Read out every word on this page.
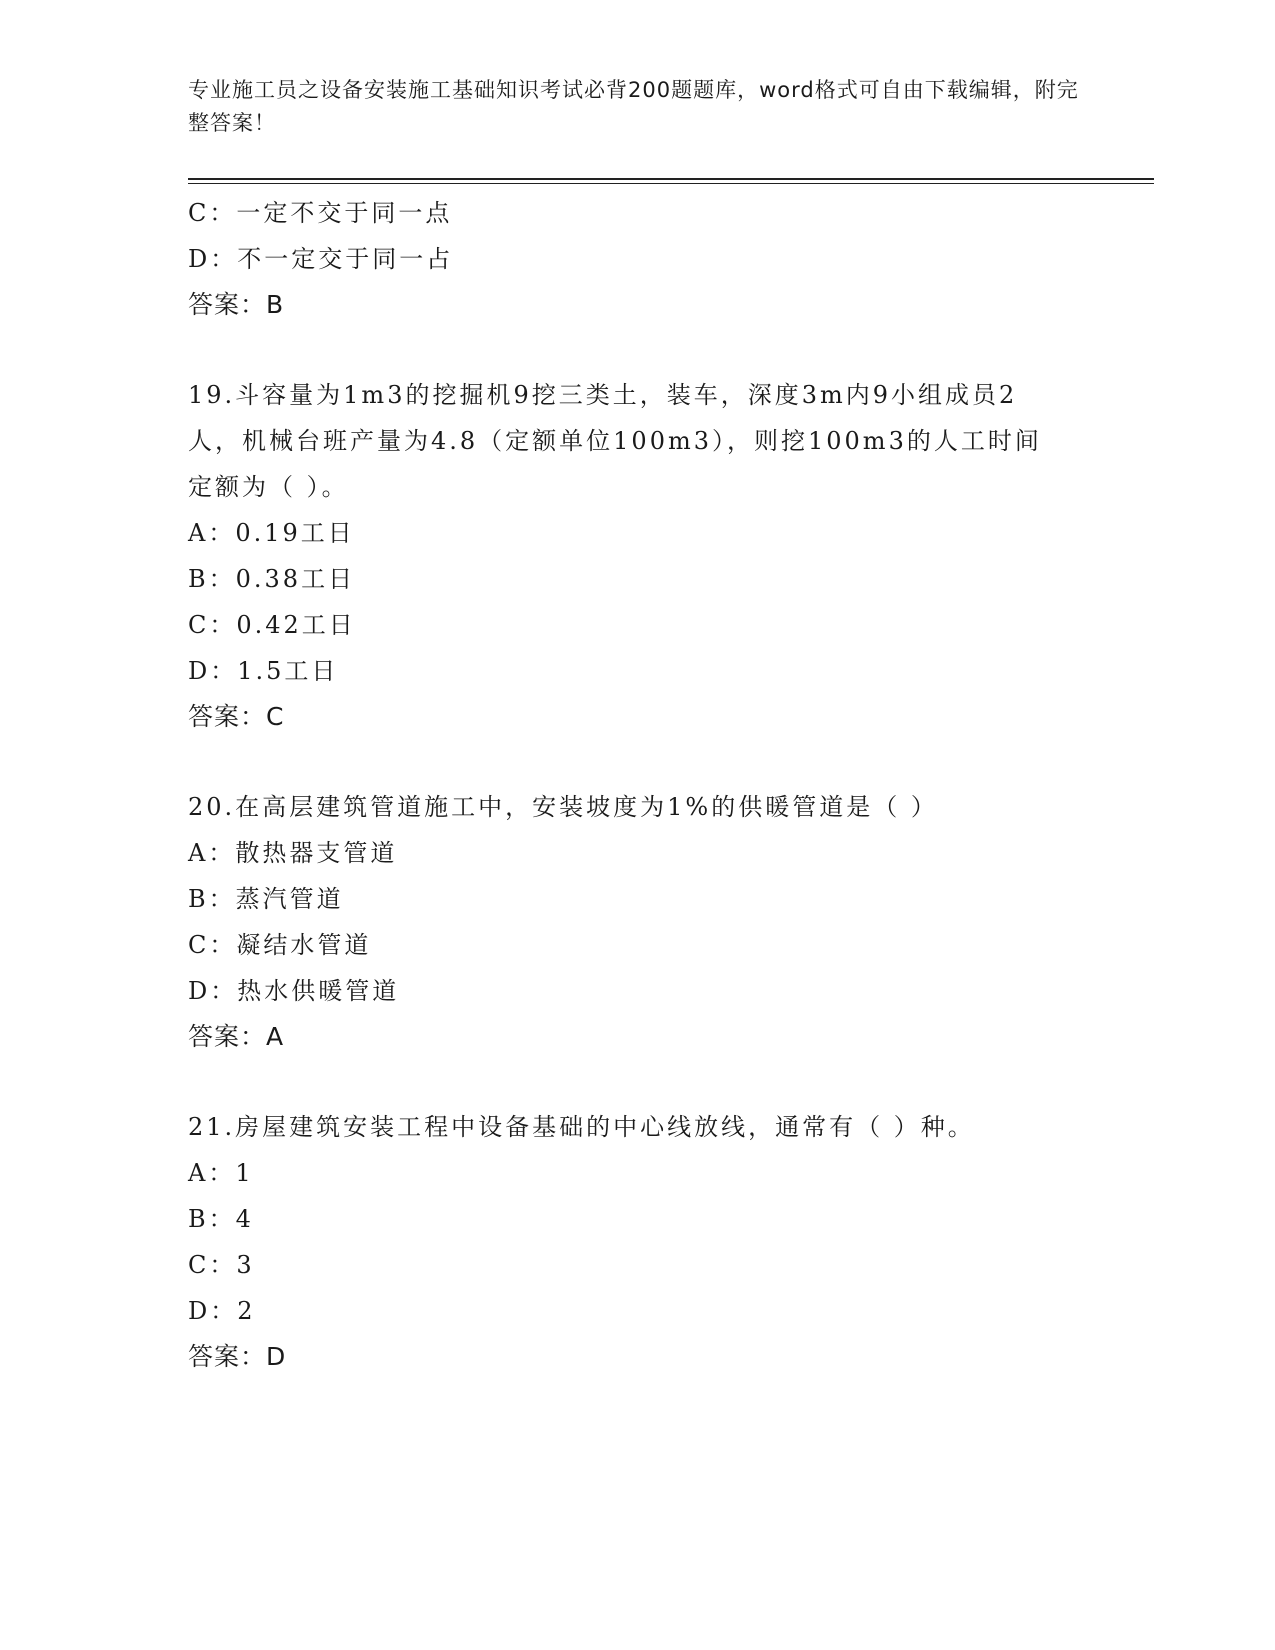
专业施工员之设备安装施工基础知识考试必背200题题库，word格式可自由下载编辑，附完整答案！
C：一定不交于同一点
D：不一定交于同一占
答案：B
19.斗容量为1m3的挖掘机9挖三类土，装车，深度3m内9小组成员2人，机械台班产量为4.8（定额单位100m3），则挖100m3的人工时间定额为（ ）。
A：0.19工日
B：0.38工日
C：0.42工日
D：1.5工日
答案：C
20.在高层建筑管道施工中，安装坡度为1%的供暖管道是（ ）
A：散热器支管道
B：蒸汽管道
C：凝结水管道
D：热水供暖管道
答案：A
21.房屋建筑安装工程中设备基础的中心线放线，通常有（ ）种。
A：1
B：4
C：3
D：2
答案：D
